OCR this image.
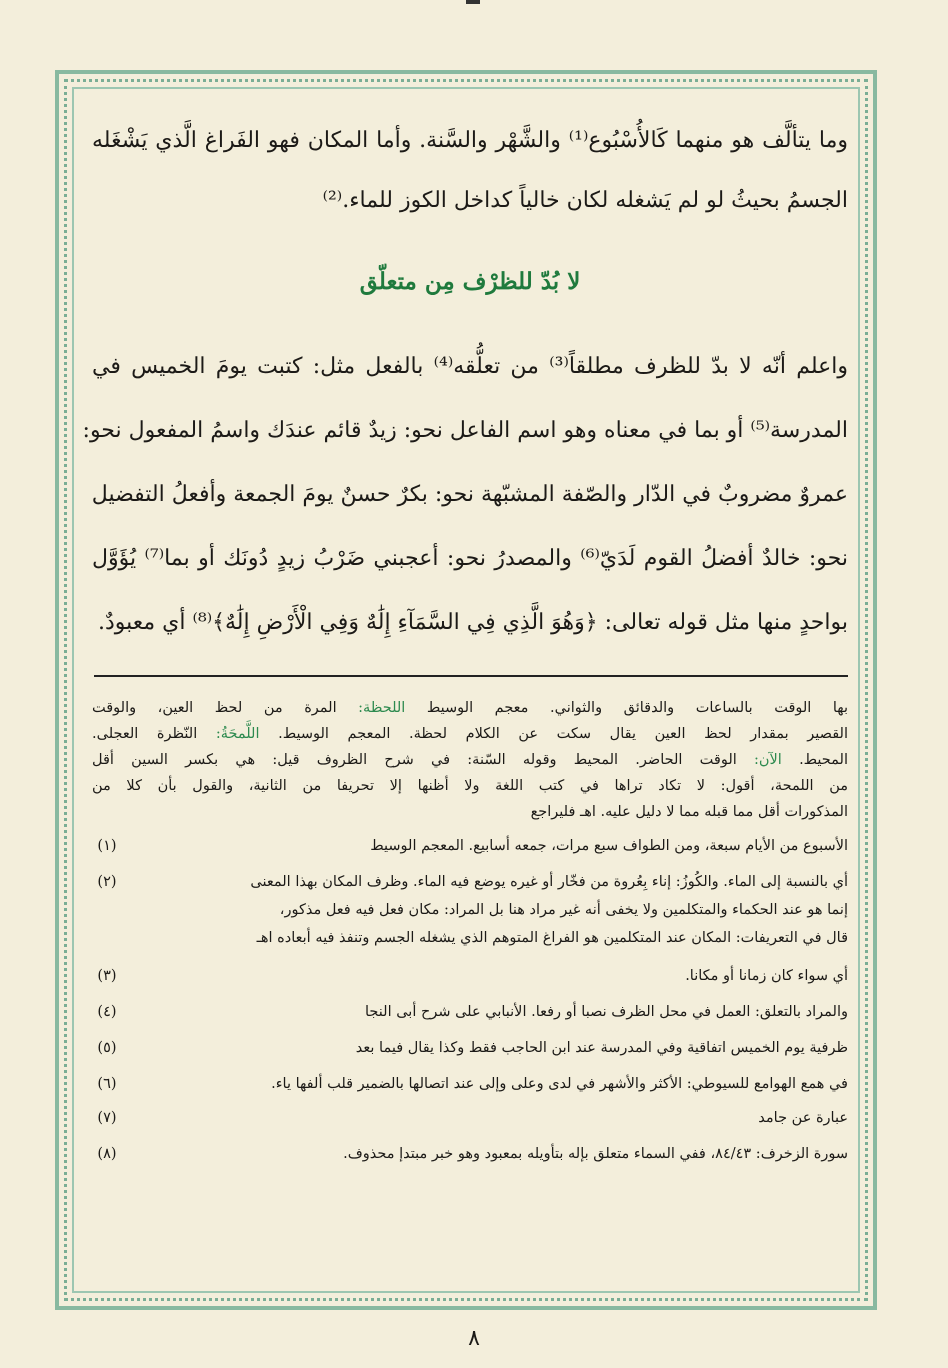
وما يتألَّف هو منهما كَالأُسْبُوع⁽¹⁾ والشَّهْر والسَّنة. وأما المكان فهو الفَراغ الَّذي يَشْغَله
الجسمُ بحيثُ لو لم يَشغله لكان خالياً كداخل الكوز للماء.⁽²⁾
لا بُدّ للظرْف مِن متعلّق
واعلم أنّه لا بدّ للظرف مطلقاً⁽³⁾ من تعلُّقه⁽⁴⁾ بالفعل مثل: كتبت يومَ الخميس في
المدرسة⁽⁵⁾ أو بما في معناه وهو اسم الفاعل نحو: زيدٌ قائم عندَك واسمُ المفعول نحو:
عمروٌ مضروبٌ في الدّار والصّفة المشبّهة نحو: بكرٌ حسنٌ يومَ الجمعة وأفعلُ التفضيل
نحو: خالدٌ أفضلُ القوم لَدَيّ⁽⁶⁾ والمصدرُ نحو: أعجبني ضَرْبُ زيدٍ دُونَك أو بما⁽⁷⁾ يُؤَوَّل
بواحدٍ منها مثل قوله تعالى: ﴿وَهُوَ الَّذِي فِي السَّمَآءِ إِلَٰهٌ وَفِي الْأَرْضِ إِلَٰهٌ﴾⁽⁸⁾ أي معبودٌ.
بها الوقت بالساعات والدقائق والثواني. معجم الوسيط اللحظة: المرة من لحظ العين، والوقت
القصير بمقدار لحظ العين يقال سكت عن الكلام لحظة. المعجم الوسيط. اللَّمحَةُ: النّظرة العجلى.
المحيط. الآن: الوقت الحاضر. المحيط وقوله السّنة: في شرح الظروف قيل: هي بكسر السين أقل
من اللمحة، أقول: لا تكاد تراها في كتب اللغة ولا أظنها إلا تحريفا من الثانية، والقول بأن كلا من
المذكورات أقل مما قبله مما لا دليل عليه. اهـ فليراجع
(١)	الأسبوع من الأيام سبعة، ومن الطواف سبع مرات، جمعه أسابيع. المعجم الوسيط
(٢)	أي بالنسبة إلى الماء. والكُوزُ: إناء بِعُروة من فخّار أو غيره يوضع فيه الماء. وظرف المكان بهذا المعنى
إنما هو عند الحكماء والمتكلمين ولا يخفى أنه غير مراد هنا بل المراد: مكان فعل فيه فعل مذكور،
قال في التعريفات: المكان عند المتكلمين هو الفراغ المتوهم الذي يشغله الجسم وتنفذ فيه أبعاده اهـ
(٣)	أي سواء كان زمانا أو مكانا.
(٤)	والمراد بالتعلق: العمل في محل الظرف نصبا أو رفعا. الأنبابي على شرح أبى النجا
(٥)	ظرفية يوم الخميس اتفاقية وفي المدرسة عند ابن الحاجب فقط وكذا يقال فيما بعد
(٦)	في همع الهوامع للسيوطي: الأكثر والأشهر في لدى وعلى وإلى عند اتصالها بالضمير قلب ألفها ياء.
(٧)	عبارة عن جامد
(٨)	سورة الزخرف: ٨٤/٤٣، ففي السماء متعلق بإله بتأويله بمعبود وهو خبر مبتدإ محذوف.
٨
